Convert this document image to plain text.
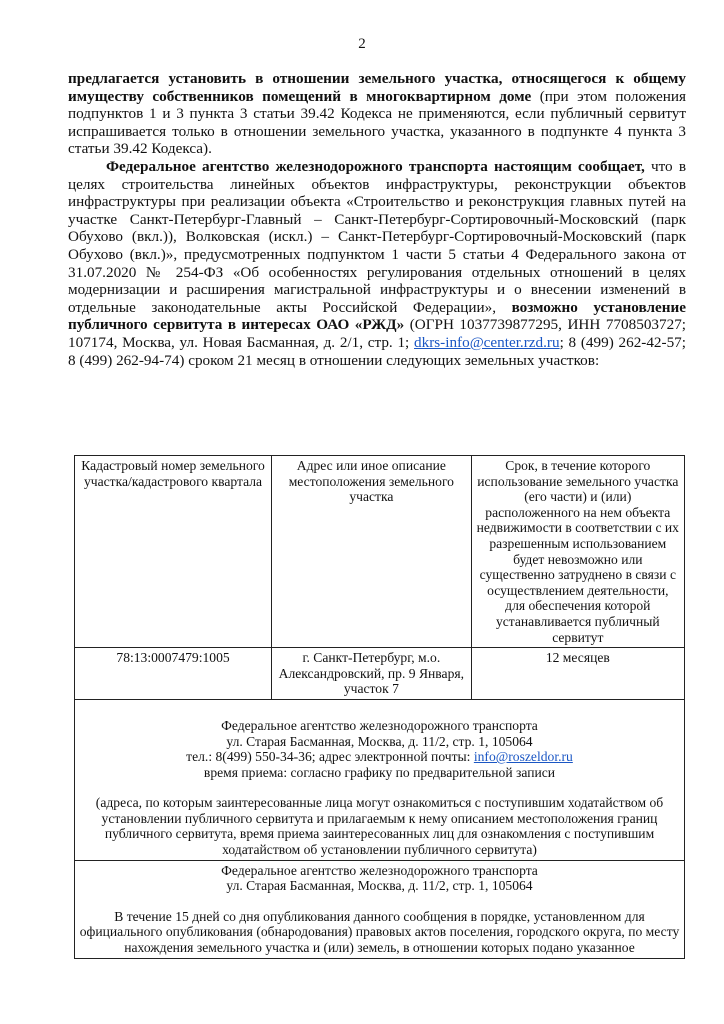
2

предлагается установить в отношении земельного участка, относящегося к общему имуществу собственников помещений в многоквартирном доме (при этом положения подпунктов 1 и 3 пункта 3 статьи 39.42 Кодекса не применяются, если публичный сервитут испрашивается только в отношении земельного участка, указанного в подпункте 4 пункта 3 статьи 39.42 Кодекса).

Федеральное агентство железнодорожного транспорта настоящим сообщает, что в целях строительства линейных объектов инфраструктуры, реконструкции объектов инфраструктуры при реализации объекта «Строительство и реконструкция главных путей на участке Санкт-Петербург-Главный – Санкт-Петербург-Сортировочный-Московский (парк Обухово (вкл.)), Волковская (искл.) – Санкт-Петербург-Сортировочный-Московский (парк Обухово (вкл.)», предусмотренных подпунктом 1 части 5 статьи 4 Федерального закона от 31.07.2020 № 254-ФЗ «Об особенностях регулирования отдельных отношений в целях модернизации и расширения магистральной инфраструктуры и о внесении изменений в отдельные законодательные акты Российской Федерации», возможно установление публичного сервитута в интересах ОАО «РЖД» (ОГРН 1037739877295, ИНН 7708503727; 107174, Москва, ул. Новая Басманная, д. 2/1, стр. 1; dkrs-info@center.rzd.ru; 8 (499) 262-42-57; 8 (499) 262-94-74) сроком 21 месяц в отношении следующих земельных участков:

Кадастровый номер земельного участка/кадастрового квартала	Адрес или иное описание местоположения земельного участка	Срок, в течение которого использование земельного участка (его части) и (или) расположенного на нем объекта недвижимости в соответствии с их разрешенным использованием будет невозможно или существенно затруднено в связи с осуществлением деятельности, для обеспечения которой устанавливается публичный сервитут
78:13:0007479:1005	г. Санкт-Петербург, м.о. Александровский, пр. 9 Января, участок 7	12 месяцев

Федеральное агентство железнодорожного транспорта

ул. Старая Басманная, Москва, д. 11/2, стр. 1, 105064

тел.: 8(499) 550-34-36; адрес электронной почты: info@roszeldor.ru

время приема: согласно графику по предварительной записи

(адреса, по которым заинтересованные лица могут ознакомиться с поступившим ходатайством об установлении публичного сервитута и прилагаемым к нему описанием местоположения границ публичного сервитута, время приема заинтересованных лиц для ознакомления с поступившим ходатайством об установлении публичного сервитута)		

Федеральное агентство железнодорожного транспорта

ул. Старая Басманная, Москва, д. 11/2, стр. 1, 105064

В течение 15 дней со дня опубликования данного сообщения в порядке, установленном для официального опубликования (обнародования) правовых актов поселения, городского округа, по месту нахождения земельного участка и (или) земель, в отношении которых подано указанное		
